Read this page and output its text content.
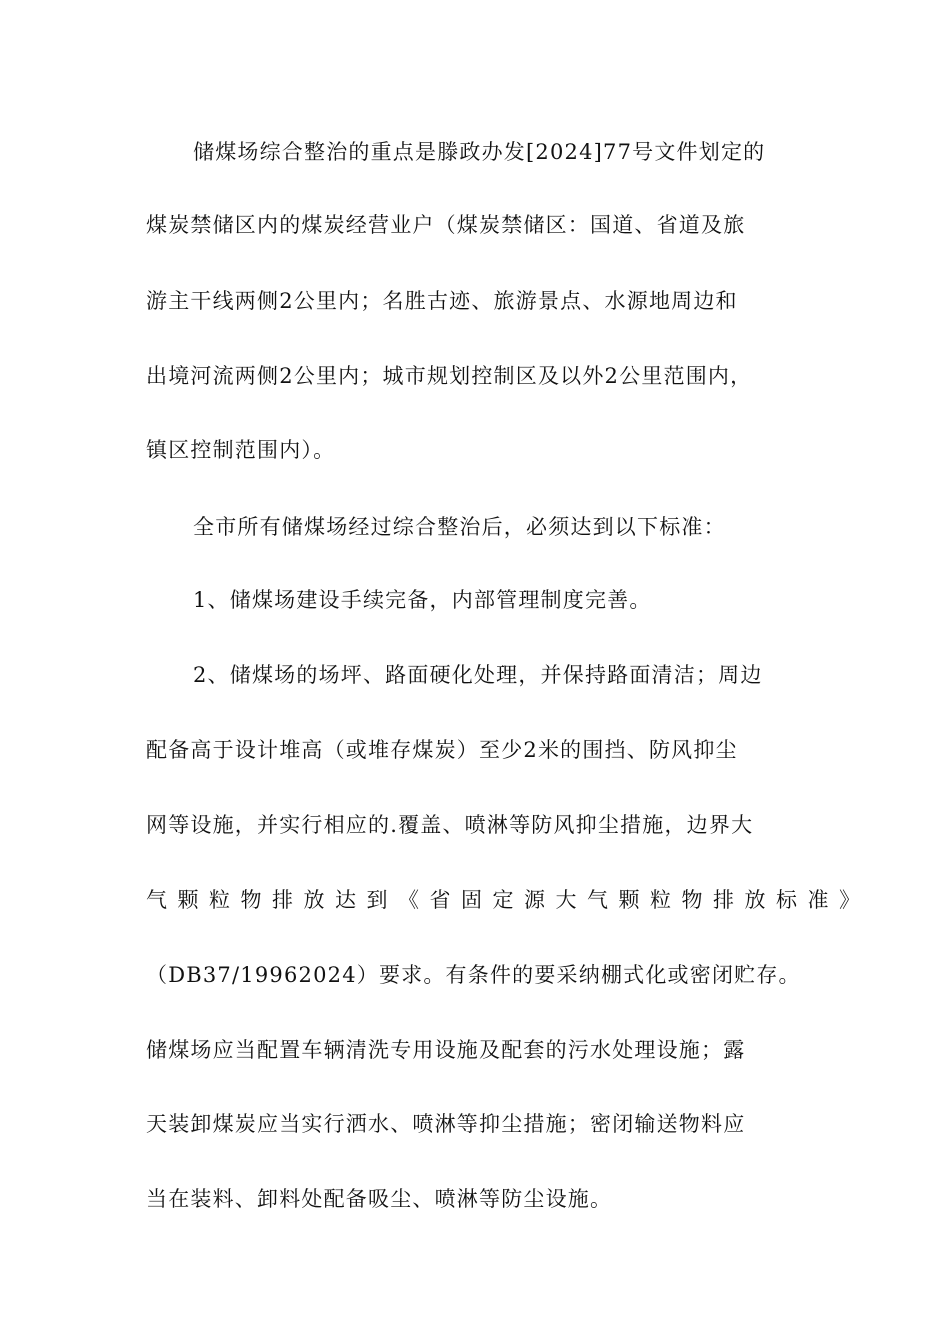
储煤场综合整治的重点是滕政办发[2024]77号文件划定的
煤炭禁储区内的煤炭经营业户（煤炭禁储区：国道、省道及旅
游主干线两侧2公里内；名胜古迹、旅游景点、水源地周边和
出境河流两侧2公里内；城市规划控制区及以外2公里范围内，
镇区控制范围内）。
全市所有储煤场经过综合整治后，必须达到以下标准：
1、储煤场建设手续完备，内部管理制度完善。
2、储煤场的场坪、路面硬化处理，并保持路面清洁；周边
配备高于设计堆高（或堆存煤炭）至少2米的围挡、防风抑尘
网等设施，并实行相应的.覆盖、喷淋等防风抑尘措施，边界大
气颗粒物排放达到《省固定源大气颗粒物排放标准》
（DB37/19962024）要求。有条件的要采纳棚式化或密闭贮存。
储煤场应当配置车辆清洗专用设施及配套的污水处理设施；露
天装卸煤炭应当实行洒水、喷淋等抑尘措施；密闭输送物料应
当在装料、卸料处配备吸尘、喷淋等防尘设施。
